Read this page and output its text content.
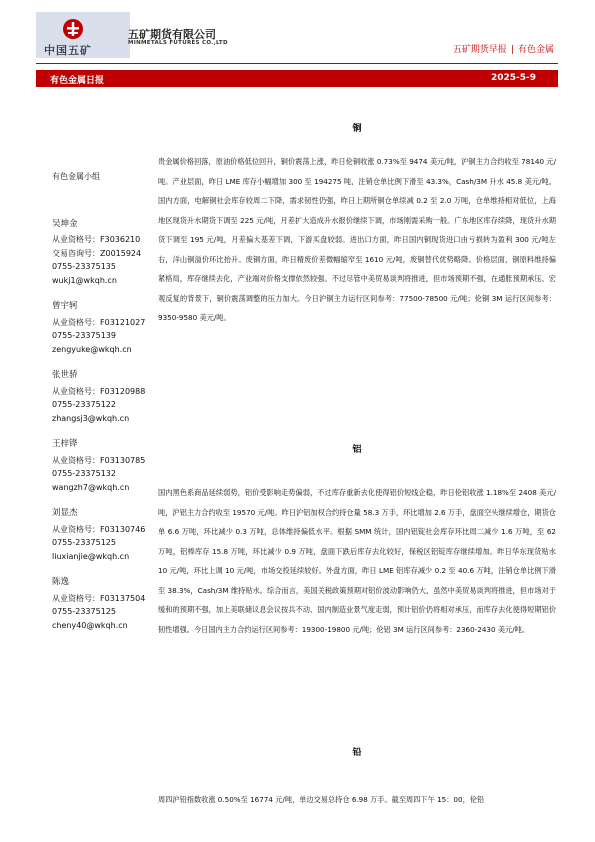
中国五矿
五矿期货有限公司
MINMETALS FUTURES CO.,LTD
五矿期货早报 | 有色金属
有色金属日报	2025-5-9
有色金属小组
吴坤金
从业资格号：F3036210
交易咨询号：Z0015924
0755-23375135
wukj1@wkqh.cn
曾宇轲
从业资格号：F03121027
0755-23375139
zengyuke@wkqh.cn
张世骄
从业资格号：F03120988
0755-23375122
zhangsj3@wkqh.cn
王梓铧
从业资格号：F03130785
0755-23375132
wangzh7@wkqh.cn
刘显杰
从业资格号：F03130746
0755-23375125
liuxianjie@wkqh.cn
陈逸
从业资格号：F03137504
0755-23375125
cheny40@wkqh.cn
铜
贵金属价格回落，原油价格低位回升，铜价震荡上涨，昨日伦铜收涨 0.73%至 9474 美元/吨，沪铜主力合约收至 78140 元/吨。产业层面，昨日 LME 库存小幅增加 300 至 194275 吨，注销仓单比例下滑至 43.3%，Cash/3M 升水 45.8 美元/吨。国内方面，电解铜社会库存较周二下降，需求韧性仍强，昨日上期所铜仓单续减 0.2 至 2.0 万吨，仓单维持相对低位，上海地区现货升水期货下调至 225 元/吨，月差扩大造成升水报价继续下调，市场刚需采购一般。广东地区库存续降，现货升水期货下调至 195 元/吨，月差偏大基差下调，下游买盘较弱。进出口方面，昨日国内铜现货进口由亏损转为盈利 300 元/吨左右，洋山铜溢价环比抬升。废铜方面，昨日精废价差微幅缩窄至 1610 元/吨，废铜替代优势略降。价格层面，铜原料维持偏紧格局，库存继续去化，产业端对价格支撑依然较强。不过尽管中美贸易谈判将推进，但市场预期不强，在通胀预期承压、宏观反复的背景下，铜价震荡调整的压力加大。今日沪铜主力运行区间参考：77500-78500 元/吨；伦铜 3M 运行区间参考：9350-9580 美元/吨。
铝
国内黑色系商品延续弱势，铝价受影响走势偏弱，不过库存重新去化使得铝价短线企稳，昨日伦铝收涨 1.18%至 2408 美元/吨，沪铝主力合约收至 19570 元/吨。昨日沪铝加权合约持仓量 58.3 万手，环比增加 2.6 万手，盘面空头继续增仓，期货仓单 6.6 万吨，环比减少 0.3 万吨，总体维持偏低水平。根据 SMM 统计，国内铝锭社会库存环比周二减少 1.6 万吨，至 62 万吨，铝棒库存 15.8 万吨，环比减少 0.9 万吨，盘面下跌后库存去化较好，保税区铝锭库存继续增加。昨日华东现货贴水 10 元/吨，环比上调 10 元/吨，市场交投延续较好。外盘方面，昨日 LME 铝库存减少 0.2 至 40.6 万吨，注销仓单比例下滑至 38.3%，Cash/3M 维持贴水。综合而言，美国关税政策预期对铝价波动影响仍大，虽然中美贸易谈判将推进，但市场对于缓和的预期不强，加上美联储议息会议按兵不动、国内制造业景气度走弱，预计铝价仍将相对承压，而库存去化使得短期铝价韧性增强。今日国内主力合约运行区间参考：19300-19800 元/吨；伦铝 3M 运行区间参考：2360-2430 美元/吨。
铅
周四沪铅指数收涨 0.50%至 16774 元/吨，单边交易总持仓 6.98 万手。截至周四下午 15：00，伦铅
